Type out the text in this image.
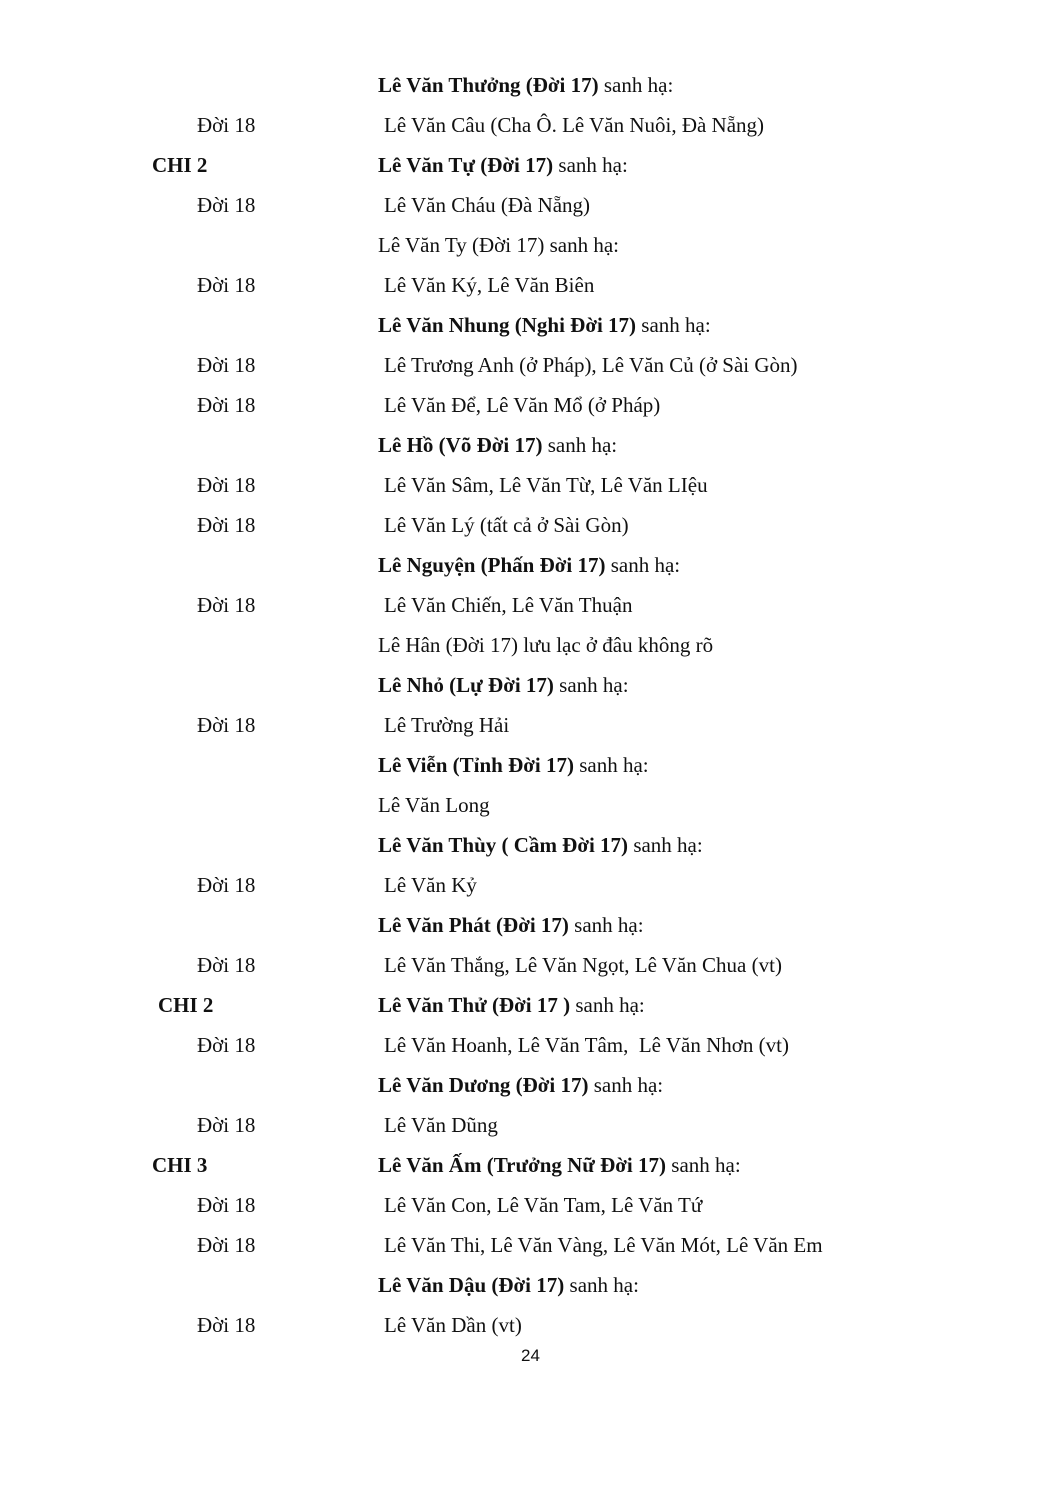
Lê Văn Thưởng (Đời 17) sanh hạ:
Đời 18	Lê Văn Câu (Cha Ô. Lê Văn Nuôi, Đà Nẵng)
CHI 2	Lê Văn Tự (Đời 17) sanh hạ:
Đời 18	Lê Văn Cháu (Đà Nẵng)
Lê Văn Ty (Đời 17) sanh hạ:
Đời 18	Lê Văn Ký, Lê Văn Biên
Lê Văn Nhung (Nghi Đời 17) sanh hạ:
Đời 18	Lê Trương Anh (ở Pháp), Lê Văn Củ (ở Sài Gòn)
Đời 18	Lê Văn Để, Lê Văn Mổ (ở Pháp)
Lê Hồ (Võ Đời 17) sanh hạ:
Đời 18	Lê Văn Sâm, Lê Văn Từ, Lê Văn LIệu
Đời 18	Lê Văn Lý (tất cả ở Sài Gòn)
Lê Nguyện (Phấn Đời 17) sanh hạ:
Đời 18	Lê Văn Chiến, Lê Văn Thuận
Lê Hân (Đời 17) lưu lạc ở đâu không rõ
Lê Nhỏ (Lự Đời 17) sanh hạ:
Đời 18	Lê Trường Hải
Lê Viễn (Tỉnh Đời 17) sanh hạ:
Lê Văn Long
Lê Văn Thùy ( Cầm Đời 17) sanh hạ:
Đời 18	Lê Văn Kỷ
Lê Văn Phát (Đời 17) sanh hạ:
Đời 18	Lê Văn Thắng, Lê Văn Ngọt, Lê Văn Chua (vt)
CHI 2	Lê Văn Thử (Đời 17 ) sanh hạ:
Đời 18	Lê Văn Hoanh, Lê Văn Tâm,  Lê Văn Nhơn (vt)
Lê Văn Dương (Đời 17) sanh hạ:
Đời 18	Lê Văn Dũng
CHI 3	Lê Văn Ấm (Trưởng Nữ Đời 17) sanh hạ:
Đời 18	Lê Văn Con, Lê Văn Tam, Lê Văn Tứ
Đời 18	Lê Văn Thi, Lê Văn Vàng, Lê Văn Mót, Lê Văn Em
Lê Văn Dậu (Đời 17) sanh hạ:
Đời 18	Lê Văn Dần (vt)
24
